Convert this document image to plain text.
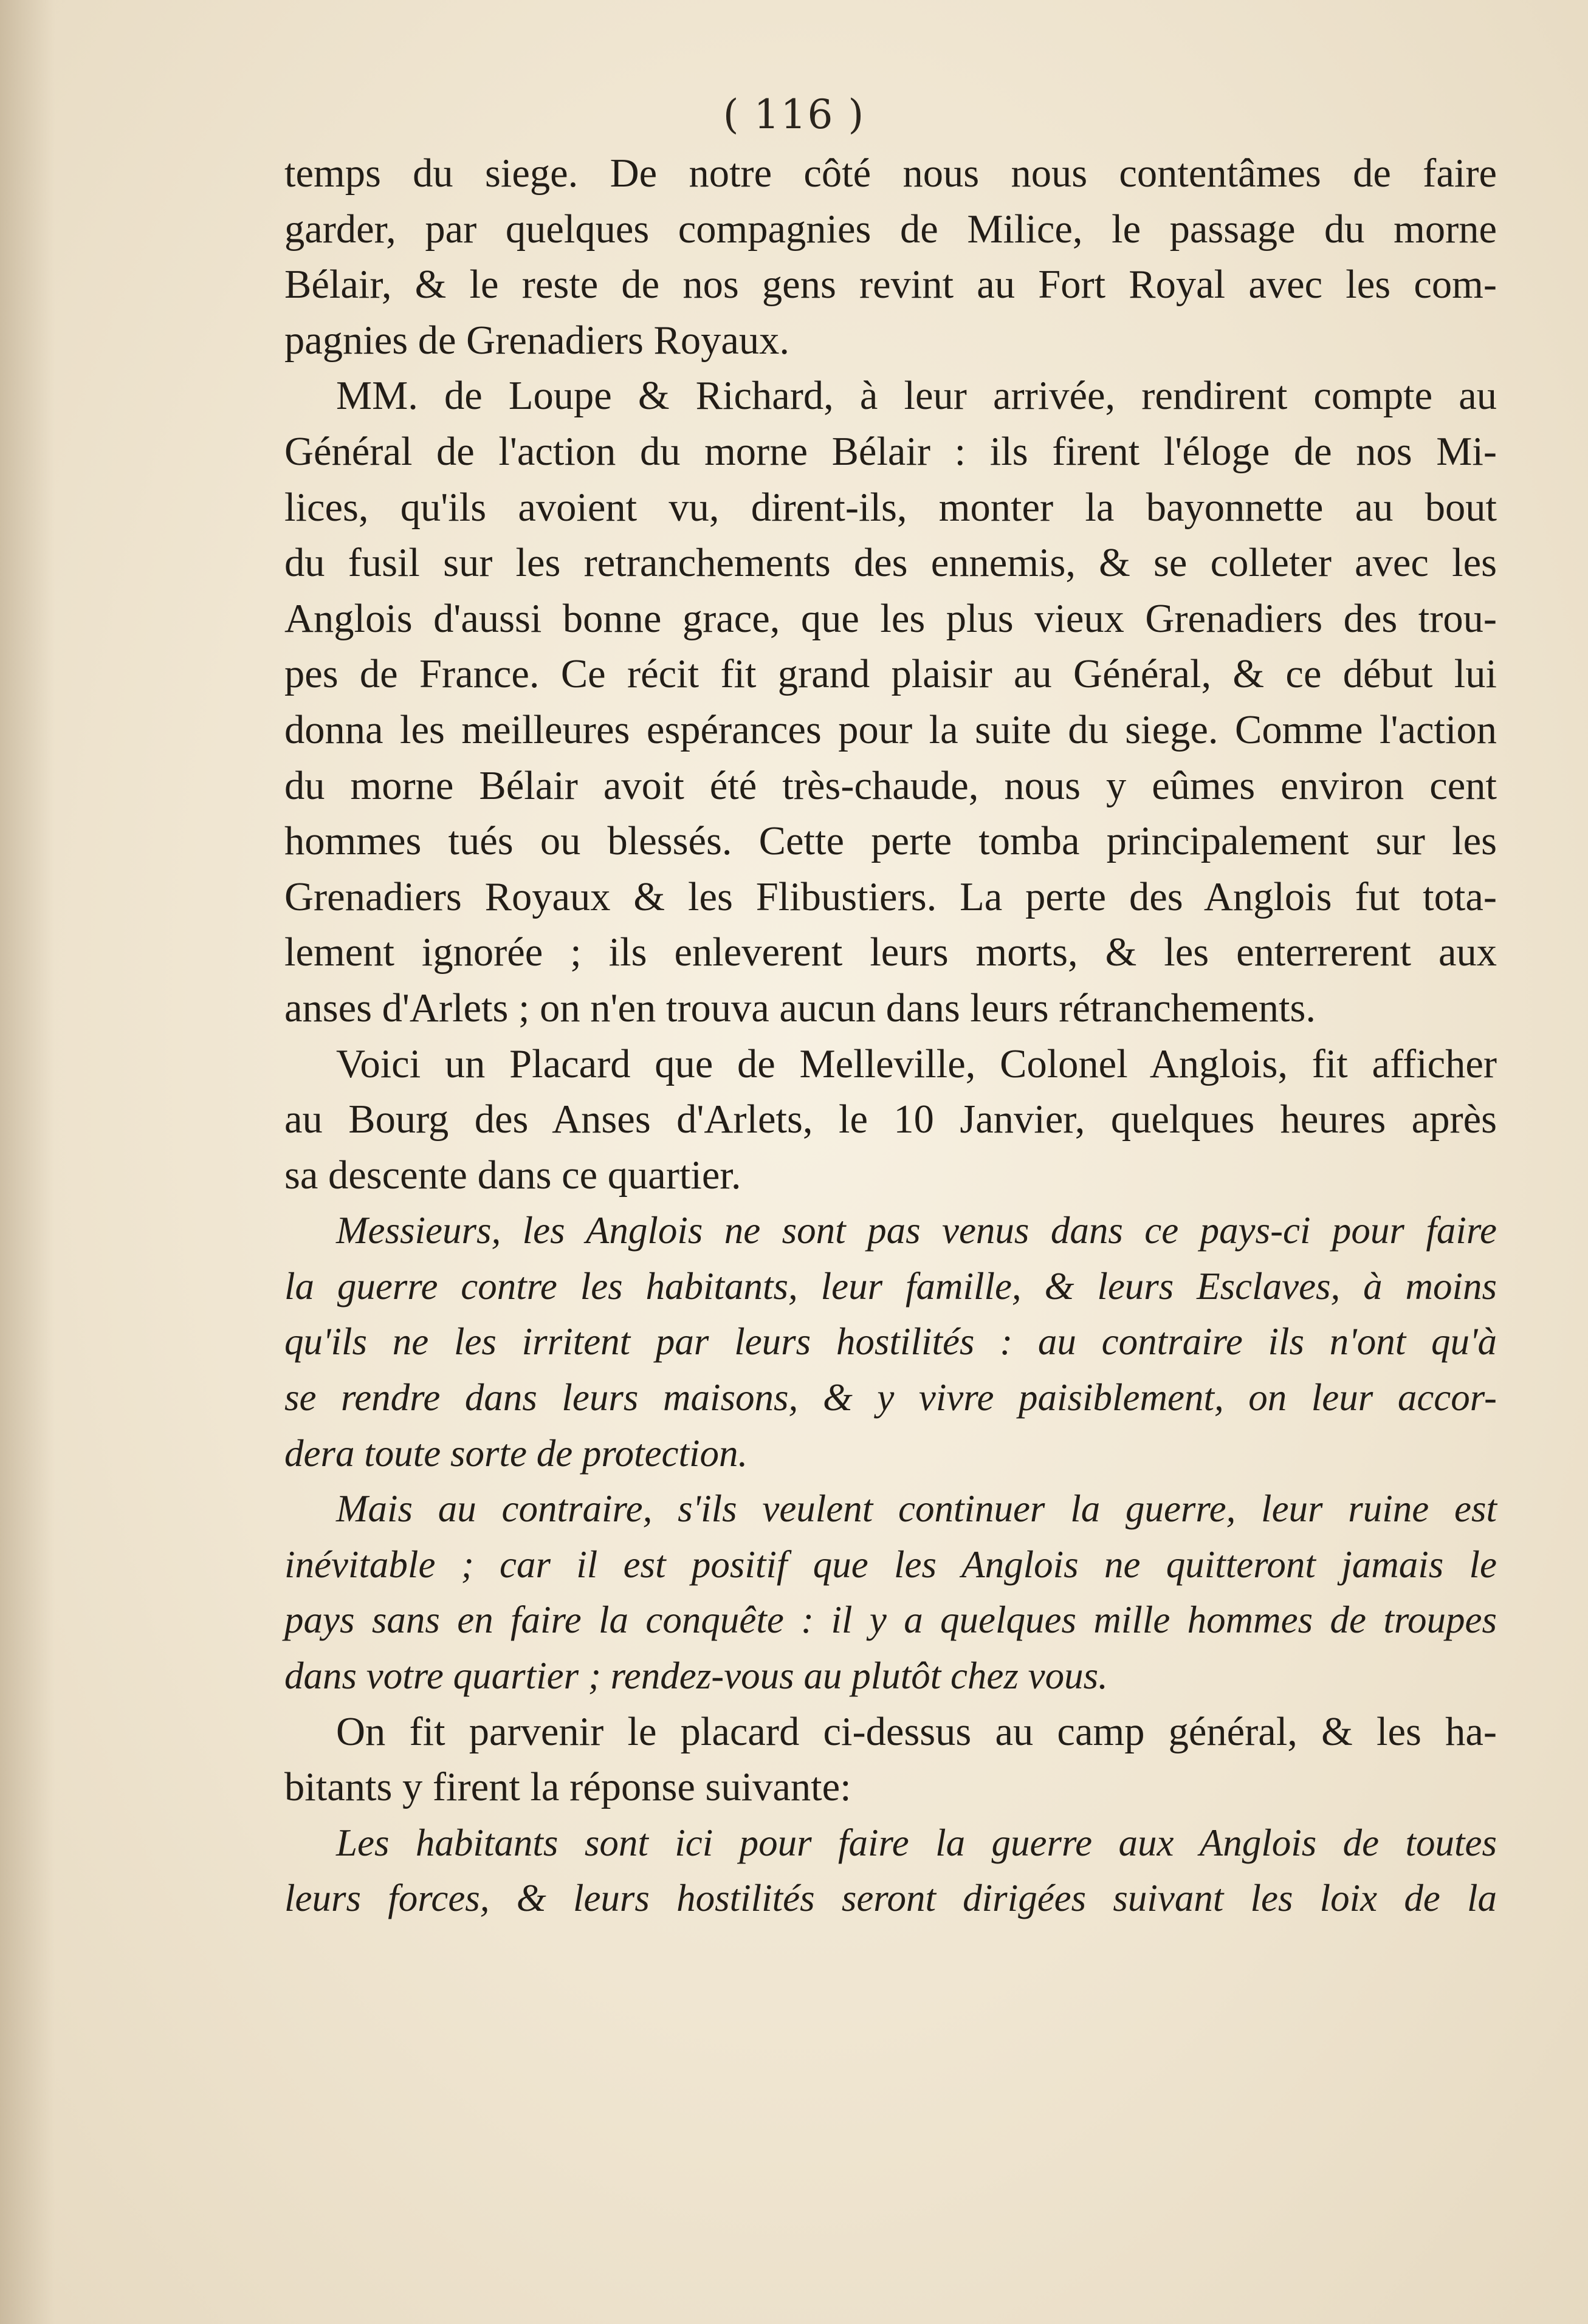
( 116 )
temps du siege. De notre côté nous nous contentâmes de faire
garder, par quelques compagnies de Milice, le passage du morne
Bélair, & le reste de nos gens revint au Fort Royal avec les com-
pagnies de Grenadiers Royaux.
MM. de Loupe & Richard, à leur arrivée, rendirent compte au
Général de l'action du morne Bélair : ils firent l'éloge de nos Mi-
lices, qu'ils avoient vu, dirent-ils, monter la bayonnette au bout
du fusil sur les retranchements des ennemis, & se colleter avec les
Anglois d'aussi bonne grace, que les plus vieux Grenadiers des trou-
pes de France. Ce récit fit grand plaisir au Général, & ce début lui
donna les meilleures espérances pour la suite du siege. Comme l'action
du morne Bélair avoit été très-chaude, nous y eûmes environ cent
hommes tués ou blessés. Cette perte tomba principalement sur les
Grenadiers Royaux & les Flibustiers. La perte des Anglois fut tota-
lement ignorée ; ils enleverent leurs morts, & les enterrerent aux
anses d'Arlets ; on n'en trouva aucun dans leurs rétranchements.
Voici un Placard que de Melleville, Colonel Anglois, fit afficher
au Bourg des Anses d'Arlets, le 10 Janvier, quelques heures après
sa descente dans ce quartier.
Messieurs, les Anglois ne sont pas venus dans ce pays-ci pour faire
la guerre contre les habitants, leur famille, & leurs Esclaves, à moins
qu'ils ne les irritent par leurs hostilités : au contraire ils n'ont qu'à
se rendre dans leurs maisons, & y vivre paisiblement, on leur accor-
dera toute sorte de protection.
Mais au contraire, s'ils veulent continuer la guerre, leur ruine est
inévitable ; car il est positif que les Anglois ne quitteront jamais le
pays sans en faire la conquête : il y a quelques mille hommes de troupes
dans votre quartier ; rendez-vous au plutôt chez vous.
On fit parvenir le placard ci-dessus au camp général, & les ha-
bitants y firent la réponse suivante:
Les habitants sont ici pour faire la guerre aux Anglois de toutes
leurs forces, & leurs hostilités seront dirigées suivant les loix de la
